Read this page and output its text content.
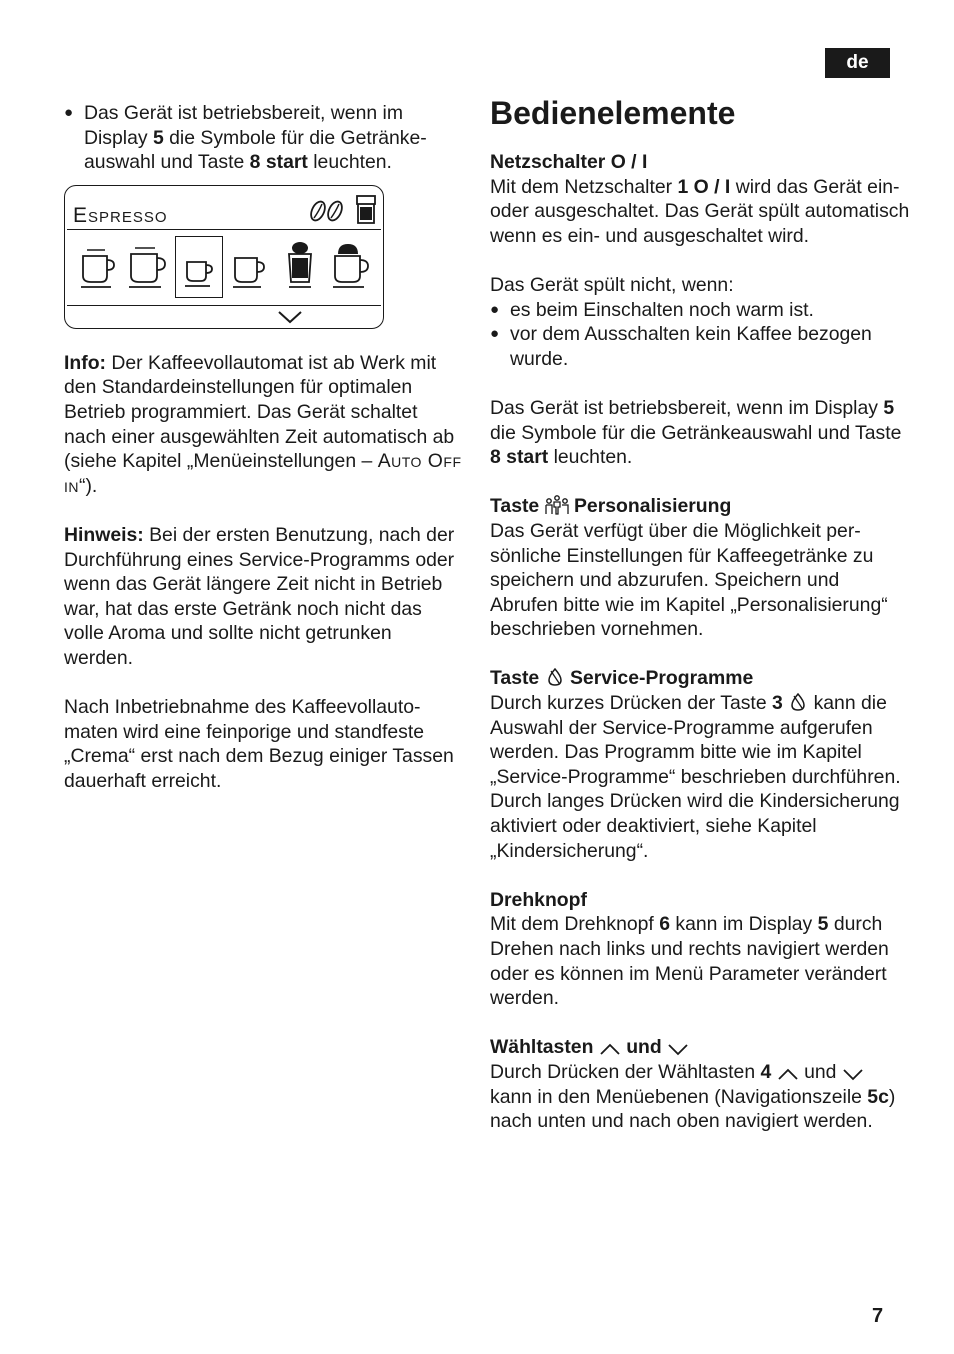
de
● Das Gerät ist betriebsbereit, wenn im Display 5 die Symbole für die Getränkeauswahl und Taste 8 start leuchten.
Espresso

Info: Der Kaffeevollautomat ist ab Werk mit den Standardeinstellungen für optimalen Betrieb programmiert. Das Gerät schaltet nach einer ausgewählten Zeit automatisch ab (siehe Kapitel „Menüeinstellungen – Auto Off in“).

Hinweis: Bei der ersten Benutzung, nach der Durchführung eines Service-Programms oder wenn das Gerät längere Zeit nicht in Betrieb war, hat das erste Getränk noch nicht das volle Aroma und sollte nicht getrunken werden.

Nach Inbetriebnahme des Kaffeevollautomaten wird eine feinporige und standfeste „Crema“ erst nach dem Bezug einiger Tassen dauerhaft erreicht.

Bedienelemente
Netzschalter O / I

Mit dem Netzschalter 1 O / I wird das Gerät ein- oder ausgeschaltet. Das Gerät spült automatisch wenn es ein- und ausgeschaltet wird.

Das Gerät spült nicht, wenn:

● es beim Einschalten noch warm ist.
● vor dem Ausschalten kein Kaffee bezogen wurde.

Das Gerät ist betriebsbereit, wenn im Display 5 die Symbole für die Getränkeauswahl und Taste 8 start leuchten.

Taste  Personalisierung

Das Gerät verfügt über die Möglichkeit persönliche Einstellungen für Kaffeegetränke zu speichern und abzurufen. Speichern und Abrufen bitte wie im Kapitel „Personalisierung“ beschrieben vornehmen.

Taste  Service-Programme

Durch kurzes Drücken der Taste 3  kann die Auswahl der Service-Programme aufgerufen werden. Das Programm bitte wie im Kapitel „Service-Programme“ beschrieben durchführen.

Durch langes Drücken wird die Kindersicherung aktiviert oder deaktiviert, siehe Kapitel „Kindersicherung“.

Drehknopf

Mit dem Drehknopf 6 kann im Display 5 durch Drehen nach links und rechts navigiert werden oder es können im Menü Parameter verändert werden.

Wähltasten  und

Durch Drücken der Wähltasten 4  und  kann in den Menüebenen (Navigationszeile 5c) nach unten und nach oben navigiert werden.

7
